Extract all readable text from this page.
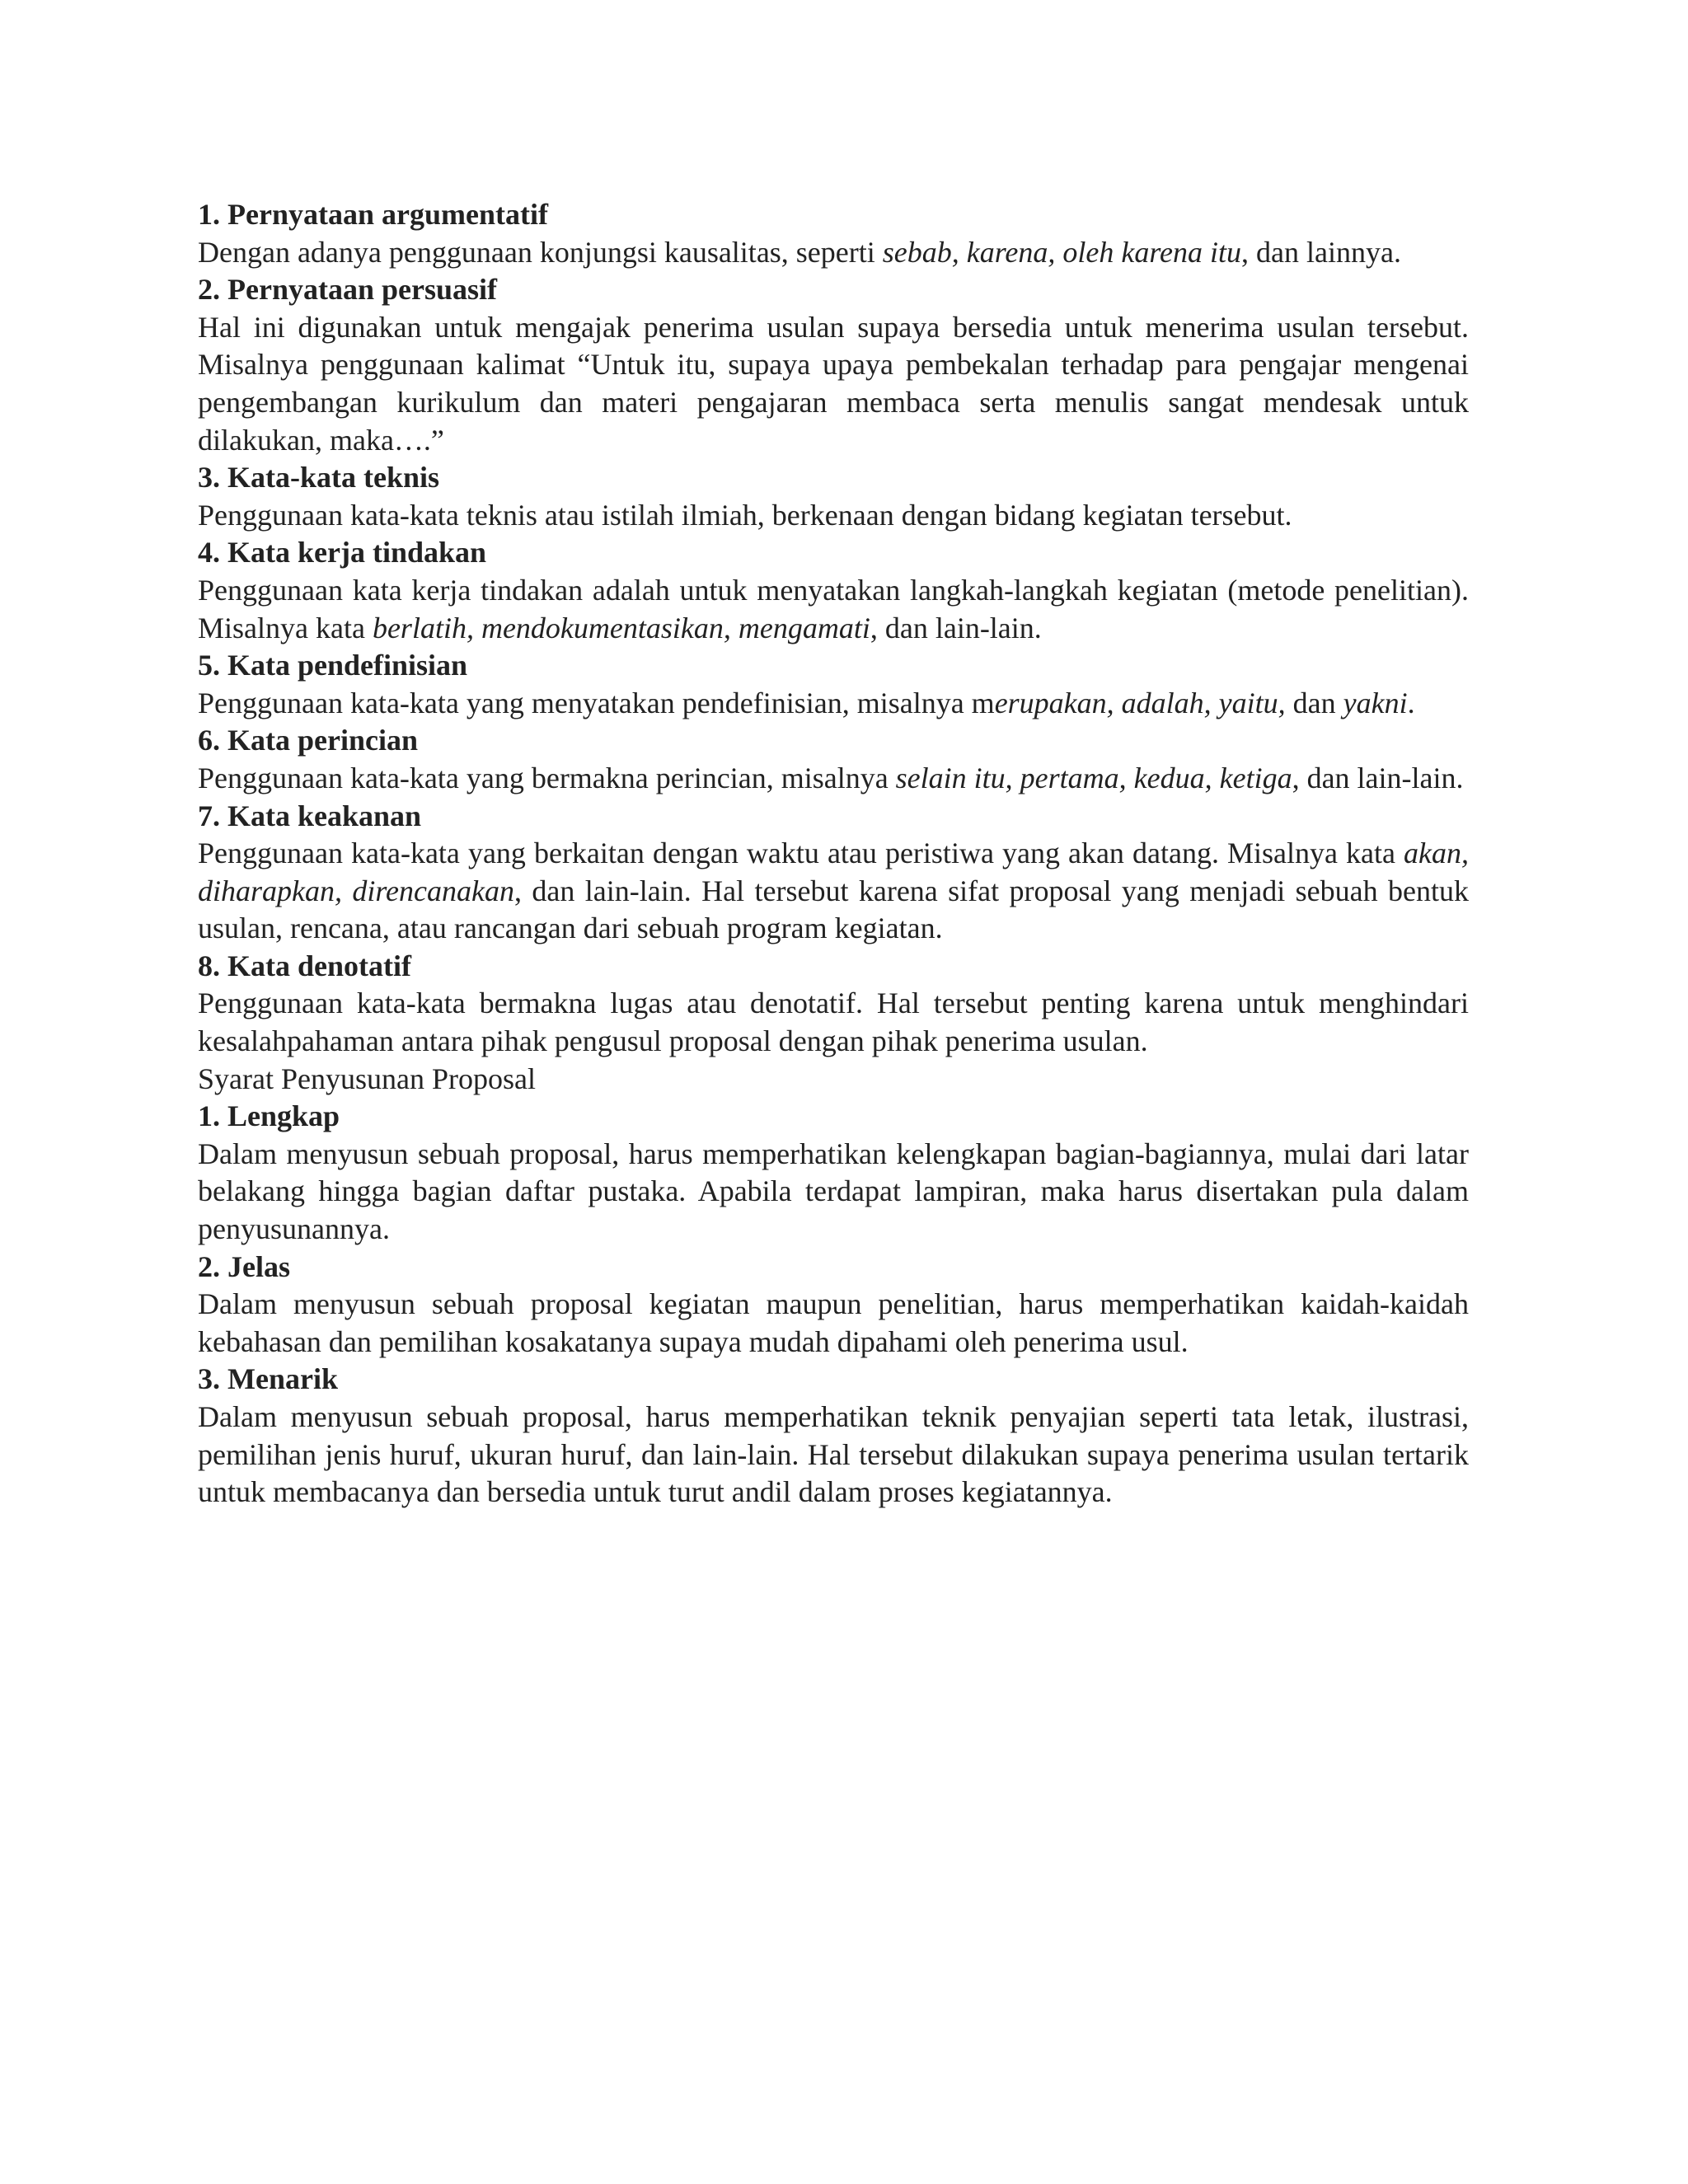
1. Pernyataan argumentatif
Dengan adanya penggunaan konjungsi kausalitas, seperti sebab, karena, oleh karena itu, dan lainnya.
2. Pernyataan persuasif
Hal ini digunakan untuk mengajak penerima usulan supaya bersedia untuk menerima usulan tersebut. Misalnya penggunaan kalimat “Untuk itu, supaya upaya pembekalan terhadap para pengajar mengenai pengembangan kurikulum dan materi pengajaran membaca serta menulis sangat mendesak untuk dilakukan, maka….”
3. Kata-kata teknis
Penggunaan kata-kata teknis atau istilah ilmiah, berkenaan dengan bidang kegiatan tersebut.
4. Kata kerja tindakan
Penggunaan kata kerja tindakan adalah untuk menyatakan langkah-langkah kegiatan (metode penelitian). Misalnya kata berlatih, mendokumentasikan, mengamati, dan lain-lain.
5. Kata pendefinisian
Penggunaan kata-kata yang menyatakan pendefinisian, misalnya merupakan, adalah, yaitu, dan yakni.
6. Kata perincian
Penggunaan kata-kata yang bermakna perincian, misalnya selain itu, pertama, kedua, ketiga, dan lain-lain.
7. Kata keakanan
Penggunaan kata-kata yang berkaitan dengan waktu atau peristiwa yang akan datang. Misalnya kata akan, diharapkan, direncanakan, dan lain-lain. Hal tersebut karena sifat proposal yang menjadi sebuah bentuk usulan, rencana, atau rancangan dari sebuah program kegiatan.
8. Kata denotatif
Penggunaan kata-kata bermakna lugas atau denotatif. Hal tersebut penting karena untuk menghindari kesalahpahaman antara pihak pengusul proposal dengan pihak penerima usulan.
Syarat Penyusunan Proposal
1. Lengkap
Dalam menyusun sebuah proposal, harus memperhatikan kelengkapan bagian-bagiannya, mulai dari latar belakang hingga bagian daftar pustaka. Apabila terdapat lampiran, maka harus disertakan pula dalam penyusunannya.
2. Jelas
Dalam menyusun sebuah proposal kegiatan maupun penelitian, harus memperhatikan kaidah-kaidah kebahasan dan pemilihan kosakatanya supaya mudah dipahami oleh penerima usul.
3. Menarik
Dalam menyusun sebuah proposal, harus memperhatikan teknik penyajian seperti tata letak, ilustrasi, pemilihan jenis huruf, ukuran huruf, dan lain-lain. Hal tersebut dilakukan supaya penerima usulan tertarik untuk membacanya dan bersedia untuk turut andil dalam proses kegiatannya.
